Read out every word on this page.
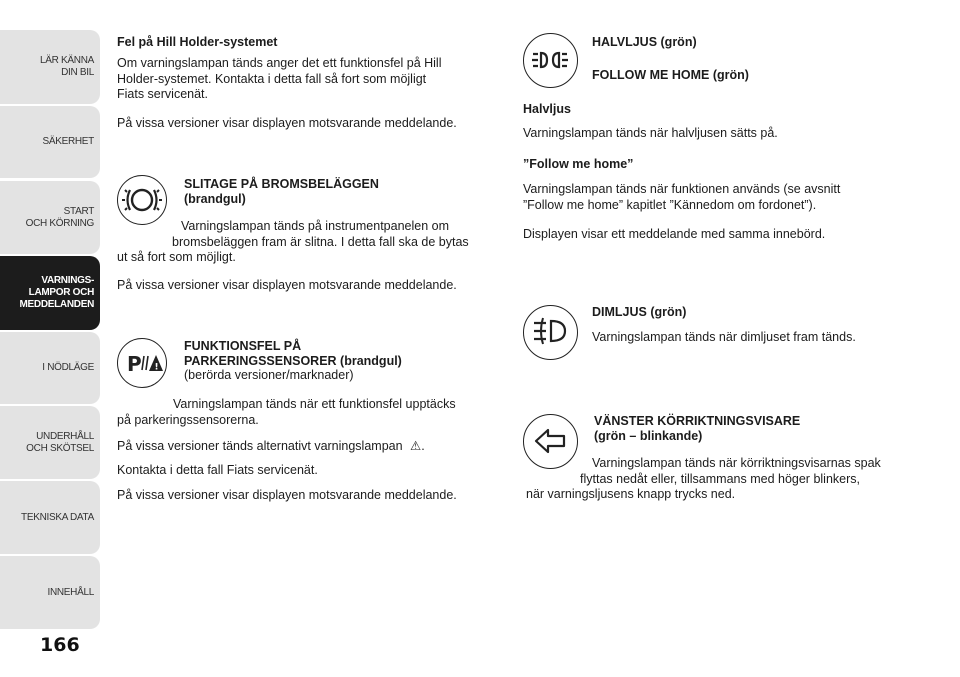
LÄR KÄNNA
DIN BIL
SÄKERHET
START
OCH KÖRNING
VARNINGS-
LAMPOR OCH
MEDDELANDEN
I NÖDLÄGE
UNDERHÅLL
OCH SKÖTSEL
TEKNISKA DATA
INNEHÅLL
166
Fel på Hill Holder-systemet

Om varningslampan tänds anger det ett funktionsfel på Hill

Holder-systemet. Kontakta i detta fall så fort som möjligt

Fiats servicenät.

På vissa versioner visar displayen motsvarande meddelande.

SLITAGE PÅ BROMSBELÄGGEN

(brandgul)

Varningslampan tänds på instrumentpanelen om

bromsbeläggen fram är slitna. I detta fall ska de bytas

ut så fort som möjligt.

På vissa versioner visar displayen motsvarande meddelande.
P !

FUNKTIONSFEL PÅ

PARKERINGSSENSORER (brandgul)

(berörda versioner/marknader)

Varningslampan tänds när ett funktionsfel upptäcks

på parkeringssensorerna.

På vissa versioner tänds alternativt varningslampan ⚠.
Kontakta i detta fall Fiats servicenät.
På vissa versioner visar displayen motsvarande meddelande.
HALVLJUS (grön)
FOLLOW ME HOME (grön)
Halvljus
Varningslampan tänds när halvljusen sätts på.
”Follow me home”

Varningslampan tänds när funktionen används (se avsnitt

”Follow me home” kapitlet ”Kännedom om fordonet”).

Displayen visar ett meddelande med samma innebörd.
DIMLJUS (grön)
Varningslampan tänds när dimljuset fram tänds.

VÄNSTER KÖRRIKTNINGSVISARE

(grön – blinkande)

Varningslampan tänds när körriktningsvisarnas spak

flyttas nedåt eller, tillsammans med höger blinkers,

när varningsljusens knapp trycks ned.
